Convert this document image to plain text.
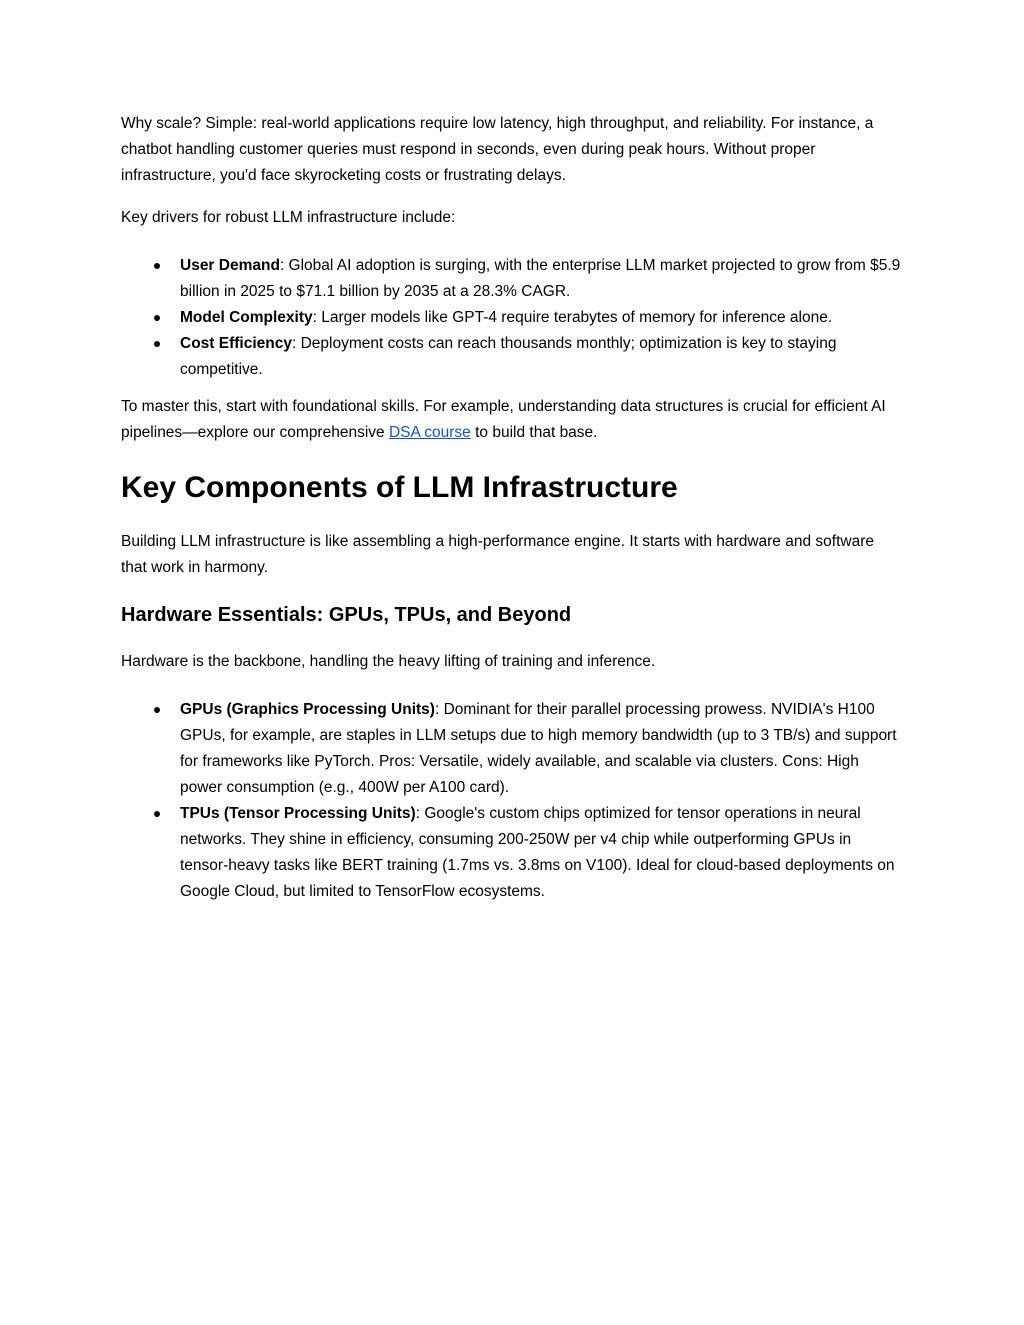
Why scale? Simple: real-world applications require low latency, high throughput, and reliability. For instance, a chatbot handling customer queries must respond in seconds, even during peak hours. Without proper infrastructure, you'd face skyrocketing costs or frustrating delays.

Key drivers for robust LLM infrastructure include:

User Demand: Global AI adoption is surging, with the enterprise LLM market projected to grow from $5.9 billion in 2025 to $71.1 billion by 2035 at a 28.3% CAGR.
Model Complexity: Larger models like GPT-4 require terabytes of memory for inference alone.
Cost Efficiency: Deployment costs can reach thousands monthly; optimization is key to staying competitive.

To master this, start with foundational skills. For example, understanding data structures is crucial for efficient AI pipelines—explore our comprehensive DSA course to build that base.

Key Components of LLM Infrastructure

Building LLM infrastructure is like assembling a high-performance engine. It starts with hardware and software that work in harmony.

Hardware Essentials: GPUs, TPUs, and Beyond

Hardware is the backbone, handling the heavy lifting of training and inference.

GPUs (Graphics Processing Units): Dominant for their parallel processing prowess. NVIDIA's H100 GPUs, for example, are staples in LLM setups due to high memory bandwidth (up to 3 TB/s) and support for frameworks like PyTorch. Pros: Versatile, widely available, and scalable via clusters. Cons: High power consumption (e.g., 400W per A100 card).
TPUs (Tensor Processing Units): Google's custom chips optimized for tensor operations in neural networks. They shine in efficiency, consuming 200-250W per v4 chip while outperforming GPUs in tensor-heavy tasks like BERT training (1.7ms vs. 3.8ms on V100). Ideal for cloud-based deployments on Google Cloud, but limited to TensorFlow ecosystems.
